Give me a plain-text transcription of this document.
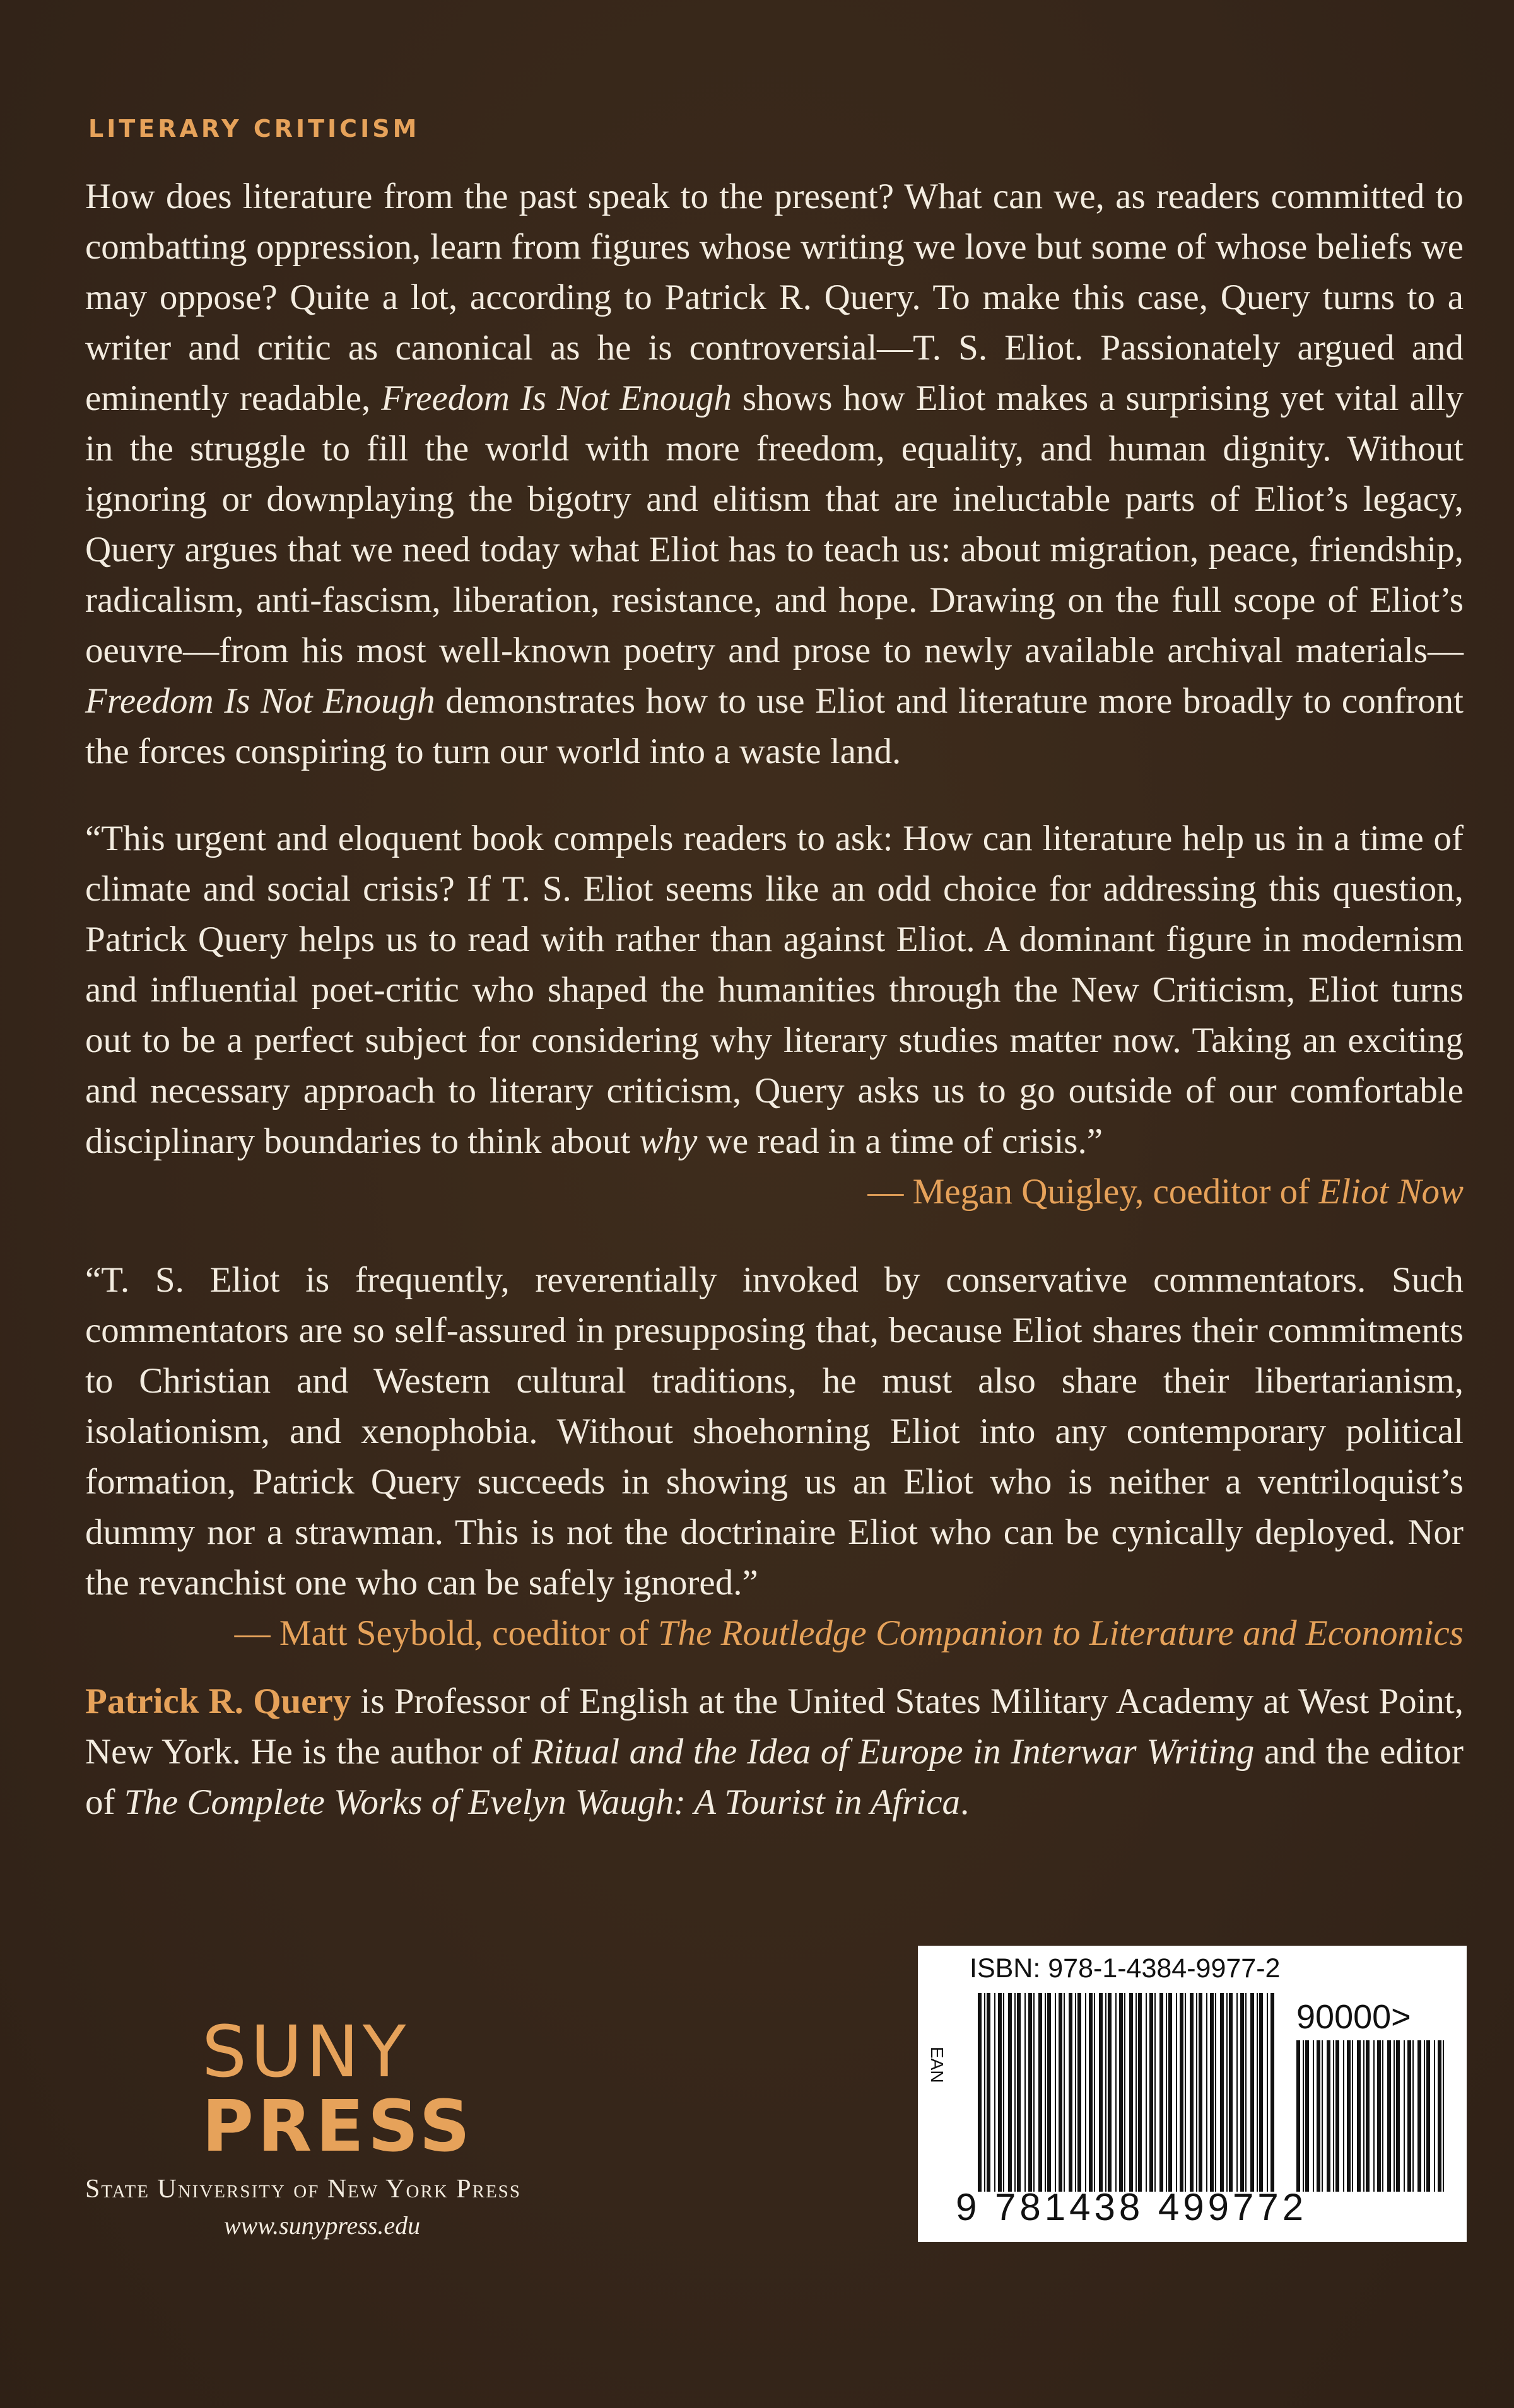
LITERARY CRITICISM

How does literature from the past speak to the present? What can we, as readers committed to combatting oppression, learn from figures whose writing we love but some of whose beliefs we may oppose? Quite a lot, according to Patrick R. Query. To make this case, Query turns to a writer and critic as canonical as he is controversial—T. S. Eliot. Passionately argued and eminently readable, Freedom Is Not Enough shows how Eliot makes a surprising yet vital ally in the struggle to fill the world with more freedom, equality, and human dignity. Without ignoring or downplaying the bigotry and elitism that are ineluctable parts of Eliot’s legacy, Query argues that we need today what Eliot has to teach us: about migration, peace, friendship, radicalism, anti-fascism, liberation, resistance, and hope. Drawing on the full scope of Eliot’s oeuvre—from his most well-known poetry and prose to newly available archival materials—Freedom Is Not Enough demonstrates how to use Eliot and literature more broadly to confront the forces conspiring to turn our world into a waste land.

“This urgent and eloquent book compels readers to ask: How can literature help us in a time of climate and social crisis? If T. S. Eliot seems like an odd choice for addressing this question, Patrick Query helps us to read with rather than against Eliot. A dominant figure in modernism and influential poet-critic who shaped the humanities through the New Criticism, Eliot turns out to be a perfect subject for considering why literary studies matter now. Taking an exciting and necessary approach to literary criticism, Query asks us to go outside of our comfortable disciplinary boundaries to think about why we read in a time of crisis.”

— Megan Quigley, coeditor of Eliot Now

“T. S. Eliot is frequently, reverentially invoked by conservative commentators. Such commentators are so self-assured in presupposing that, because Eliot shares their commitments to Christian and Western cultural traditions, he must also share their libertarianism, isolationism, and xenophobia. Without shoehorning Eliot into any contemporary political formation, Patrick Query succeeds in showing us an Eliot who is neither a ventriloquist’s dummy nor a strawman. This is not the doctrinaire Eliot who can be cynically deployed. Nor the revanchist one who can be safely ignored.”

— Matt Seybold, coeditor of The Routledge Companion to Literature and Economics

Patrick R. Query is Professor of English at the United States Military Academy at West Point, New York. He is the author of Ritual and the Idea of Europe in Interwar Writing and the editor of The Complete Works of Evelyn Waugh: A Tourist in Africa.

SUNY
PRESS
State University of New York Press
www.sunypress.edu
ISBN: 978-1-4384-9977-2
EAN
90000>
9 781438 499772
